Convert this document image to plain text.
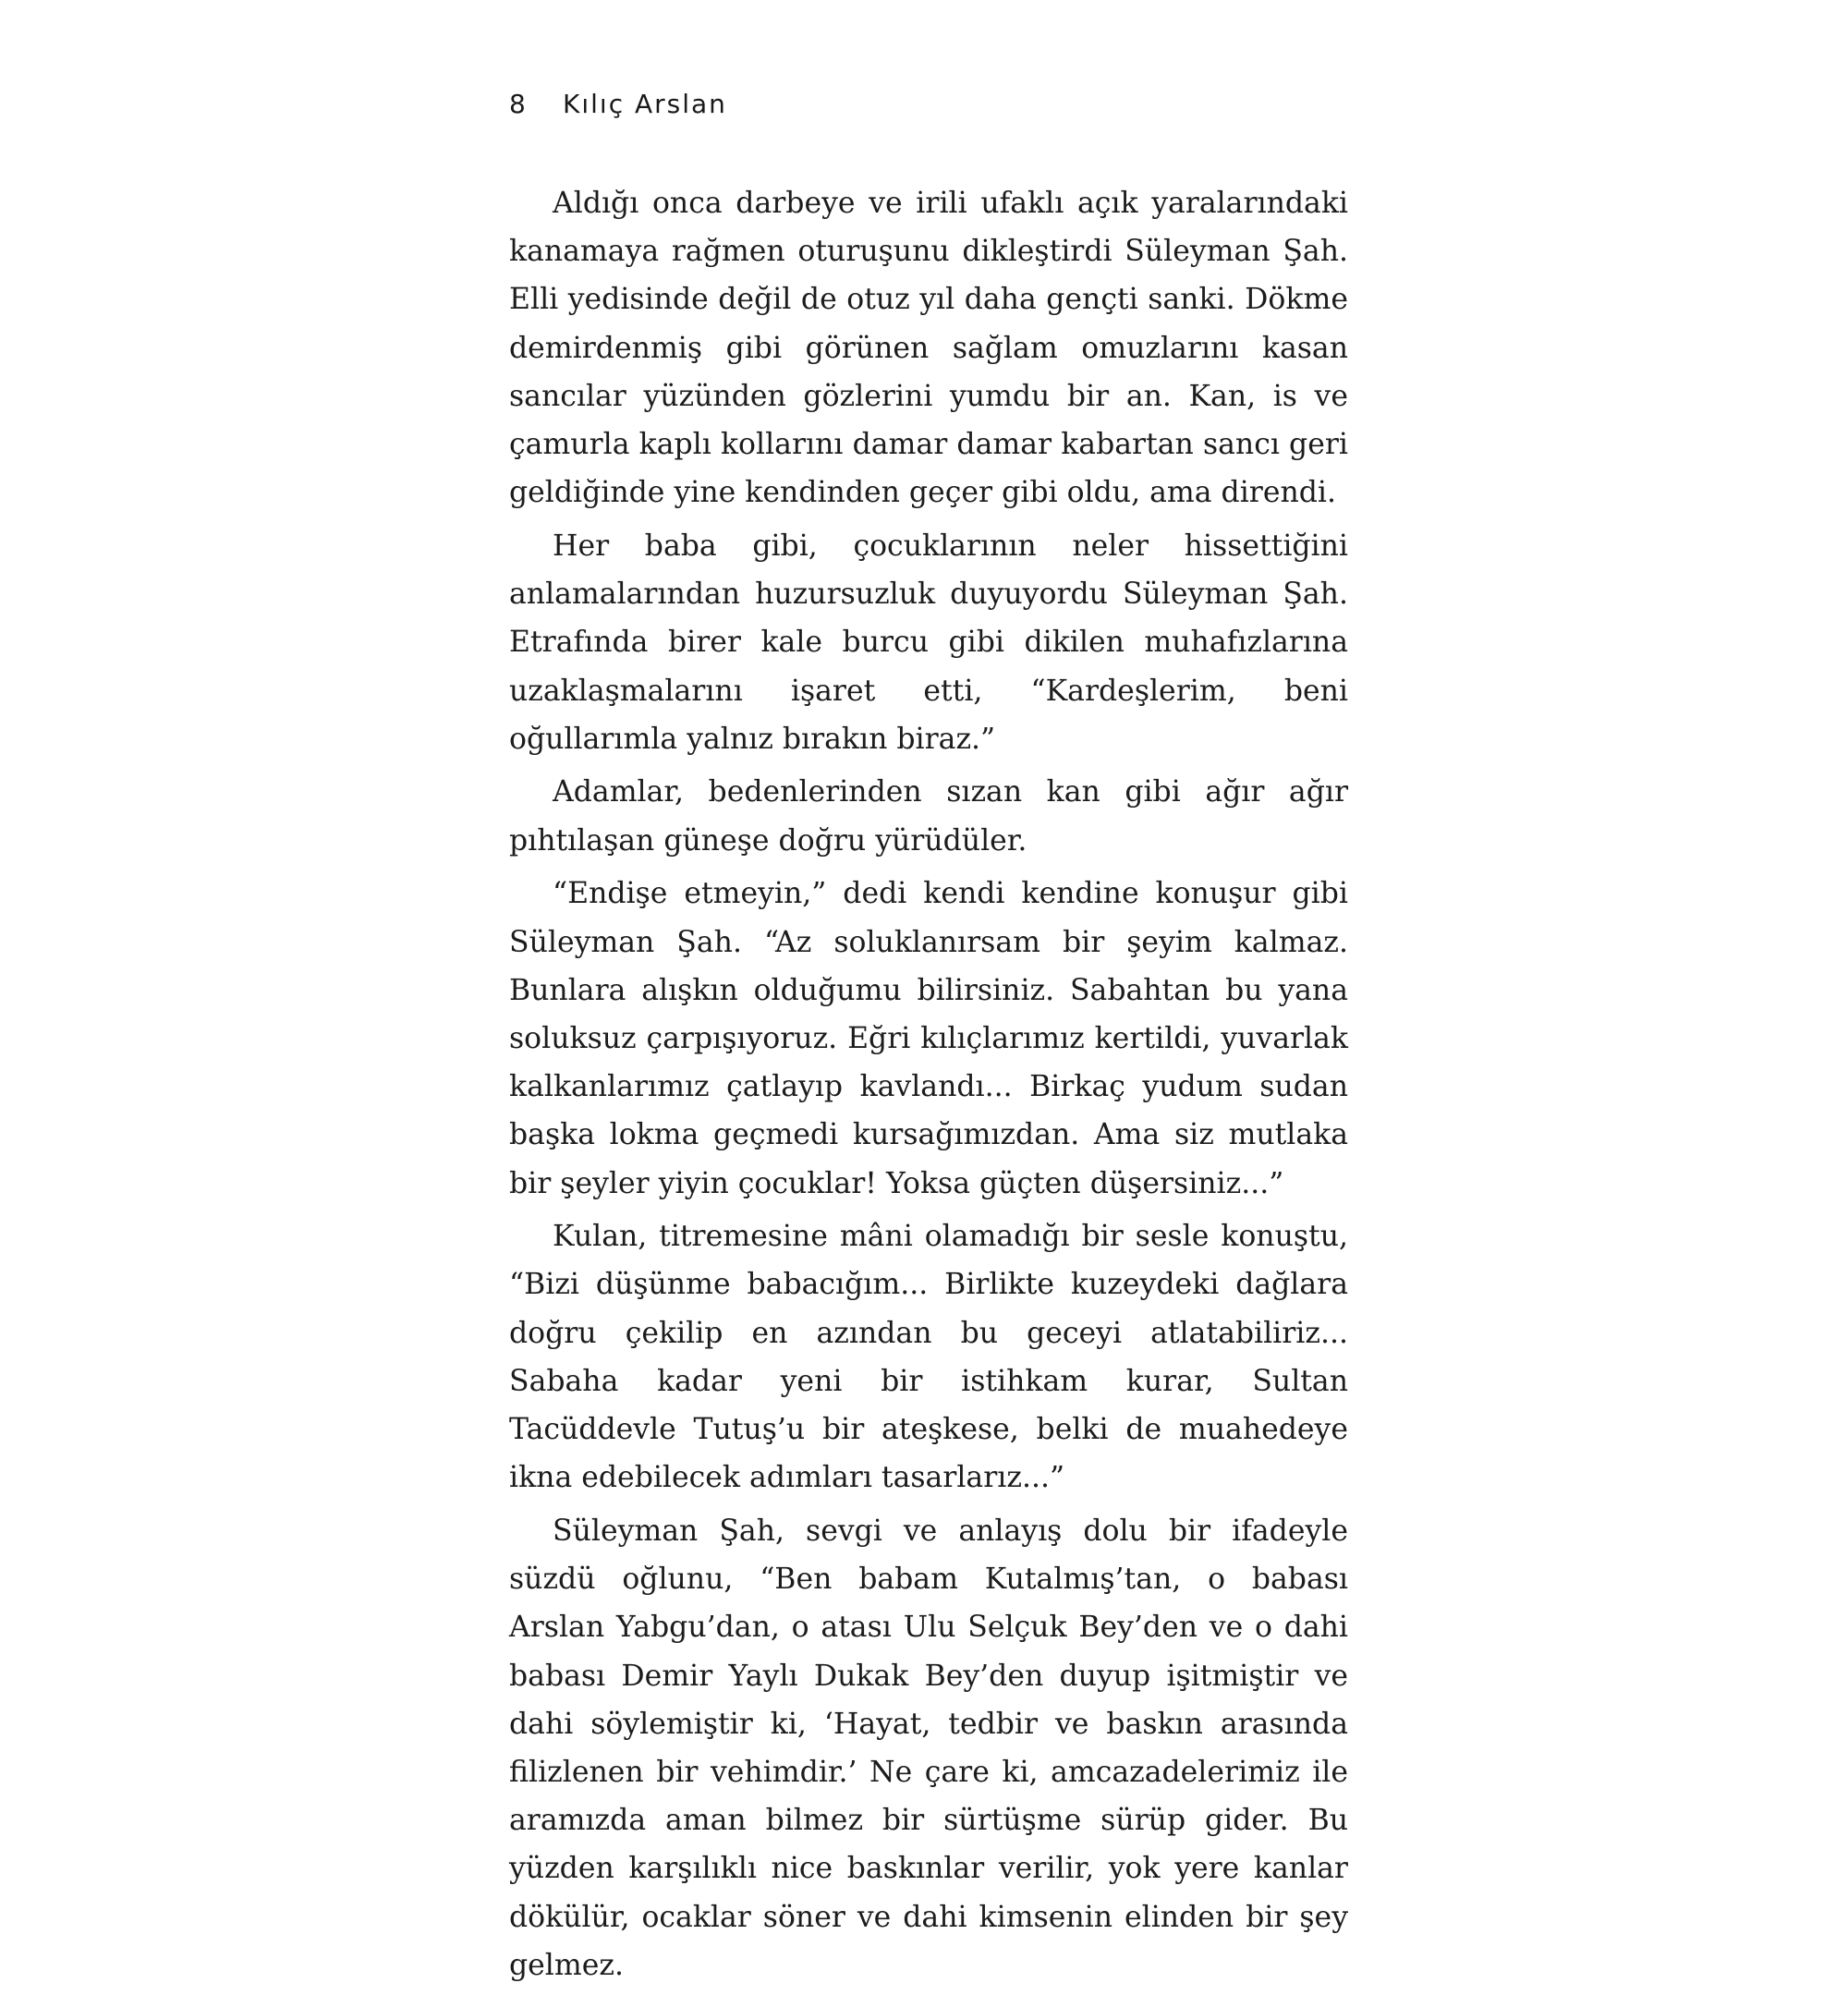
8	Kılıç Arslan

Aldığı onca darbeye ve irili ufaklı açık yaralarındaki kanamaya rağmen oturuşunu dikleştirdi Süleyman Şah. Elli yedisinde değil de otuz yıl daha gençti sanki. Dökme demirdenmiş gibi görünen sağlam omuzlarını kasan sancılar yüzünden gözlerini yumdu bir an. Kan, is ve çamurla kaplı kollarını damar damar kabartan sancı geri geldiğinde yine kendinden geçer gibi oldu, ama direndi.

Her baba gibi, çocuklarının neler hissettiğini anlamalarından huzursuzluk duyuyordu Süleyman Şah. Etrafında birer kale burcu gibi dikilen muhafızlarına uzaklaşmalarını işaret etti, “Kardeşlerim, beni oğullarımla yalnız bırakın biraz.”

Adamlar, bedenlerinden sızan kan gibi ağır ağır pıhtılaşan güneşe doğru yürüdüler.

“Endişe etmeyin,” dedi kendi kendine konuşur gibi Süleyman Şah. “Az soluklanırsam bir şeyim kalmaz. Bunlara alışkın olduğumu bilirsiniz. Sabahtan bu yana soluksuz çarpışıyoruz. Eğri kılıçlarımız kertildi, yuvarlak kalkanlarımız çatlayıp kavlandı... Birkaç yudum sudan başka lokma geçmedi kursağımızdan. Ama siz mutlaka bir şeyler yiyin çocuklar! Yoksa güçten düşersiniz...”

Kulan, titremesine mâni olamadığı bir sesle konuştu, “Bizi düşünme babacığım... Birlikte kuzeydeki dağlara doğru çekilip en azından bu geceyi atlatabiliriz... Sabaha kadar yeni bir istihkam kurar, Sultan Tacüddevle Tutuş’u bir ateşkese, belki de muahedeye ikna edebilecek adımları tasarlarız...”

Süleyman Şah, sevgi ve anlayış dolu bir ifadeyle süzdü oğlunu, “Ben babam Kutalmış’tan, o babası Arslan Yabgu’dan, o atası Ulu Selçuk Bey’den ve o dahi babası Demir Yaylı Dukak Bey’den duyup işitmiştir ve dahi söylemiştir ki, ‘Hayat, tedbir ve baskın arasında filizlenen bir vehimdir.’ Ne çare ki, amcazadelerimiz ile aramızda aman bilmez bir sürtüşme sürüp gider. Bu yüzden karşılıklı nice baskınlar verilir, yok yere kanlar dökülür, ocaklar söner ve dahi kimsenin elinden bir şey gelmez.
